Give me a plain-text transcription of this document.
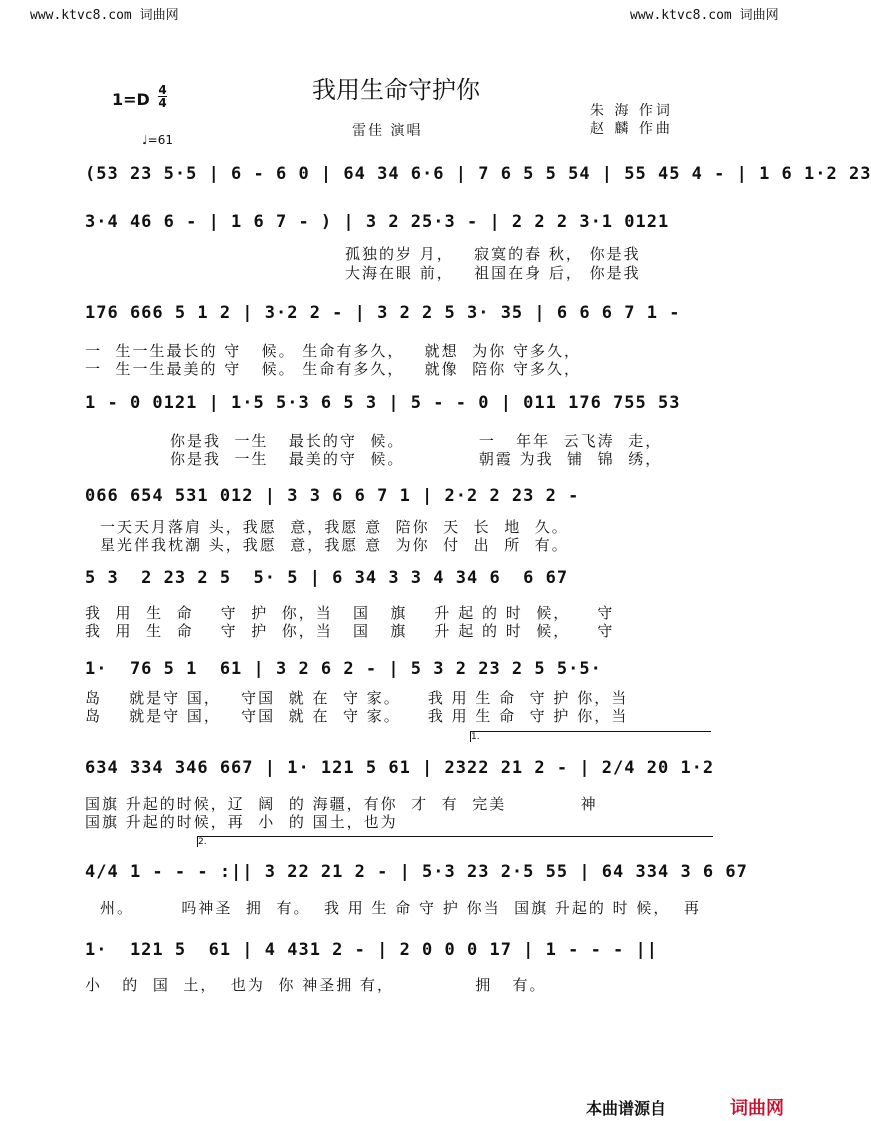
www.ktvc8.com 词曲网	www.ktvc8.com 词曲网
我用生命守护你
1=D 4
4
♩=61
雷佳 演唱
朱 海 作词
赵 麟 作曲
(53 23 5·5 | 6 - 6 0 | 64 34 6·6 | 7 6 5 5 54 | 55 45 4 - | 1 6 1·2 23
3·4 46 6 - | 1 6 7 - ) | 3 2 25·3 - | 2 2 2 3·1 0121
孤独的岁 月，   寂寞的春 秋， 你是我
大海在眼 前，   祖国在身 后， 你是我
176 666 5 1 2 | 3·2 2 - | 3 2 2 5 3· 35 | 6 6 6 7 1 -
一  生一生最长的 守   候。 生命有多久，   就想  为你 守多久，
一  生一生最美的 守   候。 生命有多久，   就像  陪你 守多久，
1 - 0 0121 | 1·5 5·3 6 5 3 | 5 - - 0 | 011 176 755 53
你是我  一生   最长的守  候。           一   年年  云飞涛  走，
你是我  一生   最美的守  候。           朝霞 为我  铺  锦  绣，
066 654 531 012 | 3 3 6 6 7 1 | 2·2 2 23 2 -
一天天月落肩 头，我愿  意，我愿 意  陪你  天  长  地  久。
星光伴我枕潮 头，我愿  意，我愿 意  为你  付  出  所  有。
5 3  2 23 2 5  5· 5 | 6 34 3 3 4 34 6  6 67
我  用  生  命    守  护  你，当   国   旗    升 起 的 时  候，    守
我  用  生  命    守  护  你，当   国   旗    升 起 的 时  候，    守
1·  76 5 1  61 | 3 2 6 2 - | 5 3 2 23 2 5 5·5·
岛    就是守 国，   守国  就 在  守 家。    我 用 生 命  守 护 你，当
岛    就是守 国，   守国  就 在  守 家。    我 用 生 命  守 护 你，当
1.
634 334 346 667 | 1· 121 5 61 | 2322 21 2 - | 2/4 20 1·2
国旗 升起的时候，辽  阔  的 海疆，有你  才  有  完美           神
国旗 升起的时候，再  小  的 国土，也为
2.
4/4 1 - - - :|| 3 22 21 2 - | 5·3 23 2·5 55 | 64 334 3 6 67
州。       吗神圣  拥  有。  我 用 生 命 守 护 你当  国旗 升起的 时 候，  再
1·  121 5  61 | 4 431 2 - | 2 0 0 0 17 | 1 - - - ||
小   的  国  土，  也为  你 神圣拥 有，            拥   有。
本曲谱源自	词曲网
